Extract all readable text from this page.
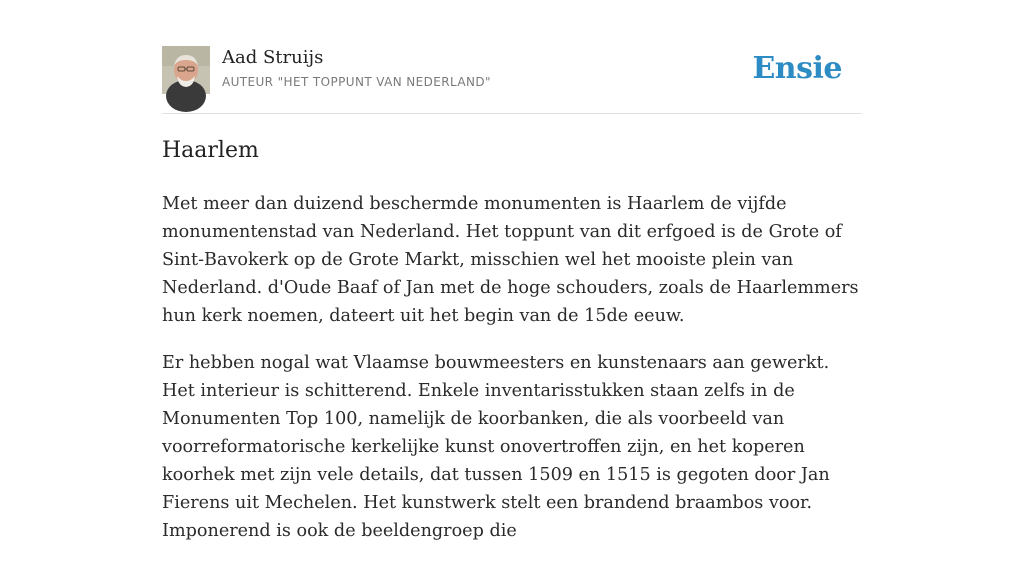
Aad Struijs
AUTEUR "HET TOPPUNT VAN NEDERLAND"	Ensie
Haarlem

Met meer dan duizend beschermde monumenten is Haarlem de vijfde monumentenstad van Nederland. Het toppunt van dit erfgoed is de Grote of Sint-Bavokerk op de Grote Markt, misschien wel het mooiste plein van Nederland. d'Oude Baaf of Jan met de hoge schouders, zoals de Haarlemmers hun kerk noemen, dateert uit het begin van de 15de eeuw.

Er hebben nogal wat Vlaamse bouwmeesters en kunstenaars aan gewerkt. Het interieur is schitterend. Enkele inventarisstukken staan zelfs in de Monumenten Top 100, namelijk de koorbanken, die als voorbeeld van voorreformatorische kerkelijke kunst onovertroffen zijn, en het koperen koorhek met zijn vele details, dat tussen 1509 en 1515 is gegoten door Jan Fierens uit Mechelen. Het kunstwerk stelt een brandend braambos voor. Imponerend is ook de beeldengroep die
